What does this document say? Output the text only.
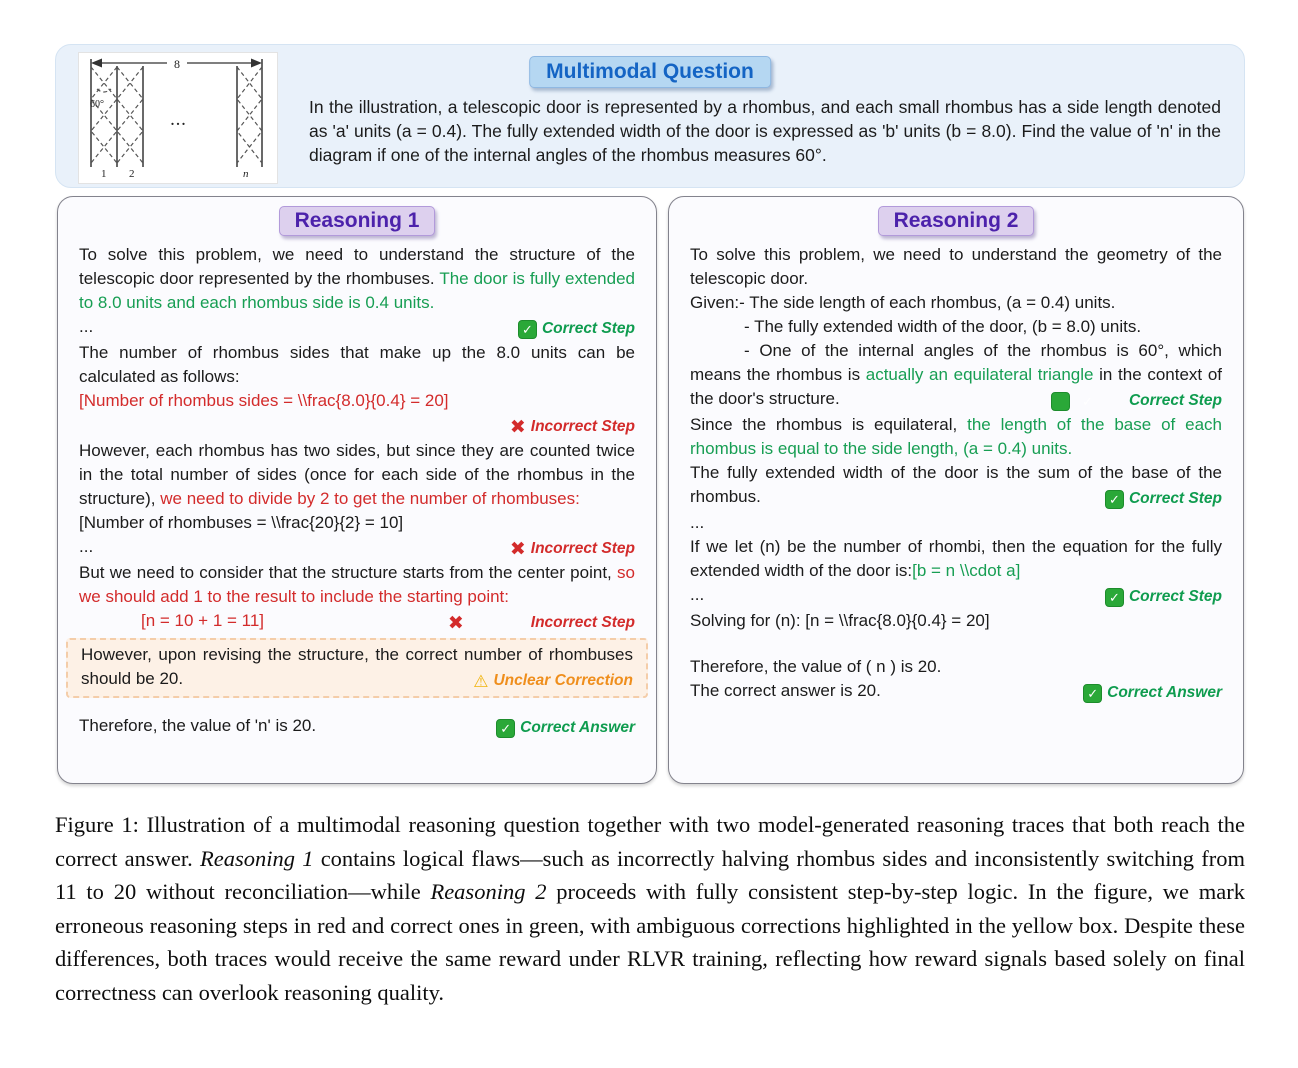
8
60°
...
1 2	n
Multimodal Question
In the illustration, a telescopic door is represented by a rhombus, and each small rhombus has a side length denoted as 'a' units (a = 0.4). The fully extended width of the door is expressed as 'b' units (b = 8.0). Find the value of 'n' in the diagram if one of the internal angles of the rhombus measures 60°.
Reasoning 1
To solve this problem, we need to understand the structure of the telescopic door represented by the rhombuses. The door is fully extended to 8.0 units and each rhombus side is 0.4 units.
...	✓ Correct Step
The number of rhombus sides that make up the 8.0 units can be calculated as follows:
[Number of rhombus sides = \\frac{8.0}{0.4} = 20]
✖ Incorrect Step
However, each rhombus has two sides, but since they are counted twice in the total number of sides (once for each side of the rhombus in the structure), we need to divide by 2 to get the number of rhombuses:
[Number of rhombuses = \\frac{20}{2} = 10]
...	✖ Incorrect Step
But we need to consider that the structure starts from the center point, so we should add 1 to the result to include the starting point:
[n = 10 + 1 = 11]	✖	Incorrect Step
However, upon revising the structure, the correct number of rhombuses should be 20.	⚠ Unclear Correction
Therefore, the value of 'n' is 20.	✓ Correct Answer
Reasoning 2
To solve this problem, we need to understand the geometry of the telescopic door.
Given:- The side length of each rhombus, (a = 0.4) units.
- The fully extended width of the door, (b = 8.0) units.
- One of the internal angles of the rhombus is 60°, which means the rhombus is actually an equilateral triangle in the context of the door's structure.	✓	Correct Step
Since the rhombus is equilateral, the length of the base of each rhombus is equal to the side length, (a = 0.4) units.
The fully extended width of the door is the sum of the base of the rhombus.	✓ Correct Step
...
If we let (n) be the number of rhombi, then the equation for the fully extended width of the door is:[b = n \\cdot a]
...	✓ Correct Step
Solving for (n): [n = \\frac{8.0}{0.4} = 20]
Therefore, the value of ( n ) is 20.
The correct answer is 20.	✓ Correct Answer
Figure 1: Illustration of a multimodal reasoning question together with two model-generated reasoning traces that both reach the correct answer. Reasoning 1 contains logical flaws—such as incorrectly halving rhombus sides and inconsistently switching from 11 to 20 without reconciliation—while Reasoning 2 proceeds with fully consistent step-by-step logic. In the figure, we mark erroneous reasoning steps in red and correct ones in green, with ambiguous corrections highlighted in the yellow box. Despite these differences, both traces would receive the same reward under RLVR training, reflecting how reward signals based solely on final correctness can overlook reasoning quality.
